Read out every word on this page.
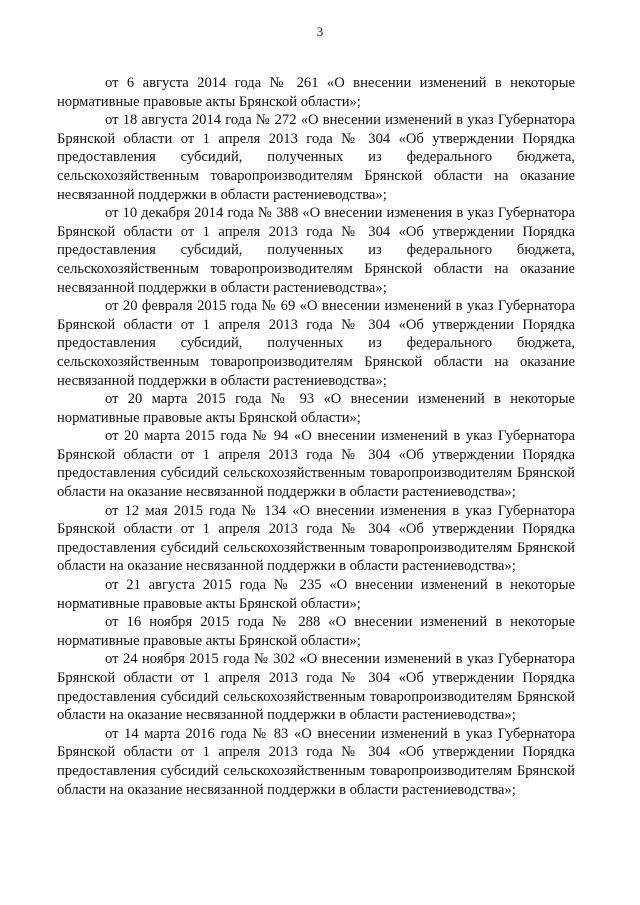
3

от 6 августа 2014 года № 261 «О внесении изменений в некоторые нормативные правовые акты Брянской области»;

от 18 августа 2014 года № 272 «О внесении изменений в указ Губернатора Брянской области от 1 апреля 2013 года № 304 «Об утверждении Порядка предоставления субсидий, полученных из федерального бюджета, сельскохозяйственным товаропроизводителям Брянской области на оказание несвязанной поддержки в области растениеводства»;

от 10 декабря 2014 года № 388 «О внесении изменения в указ Губернатора Брянской области от 1 апреля 2013 года № 304 «Об утверждении Порядка предоставления субсидий, полученных из федерального бюджета, сельскохозяйственным товаропроизводителям Брянской области на оказание несвязанной поддержки в области растениеводства»;

от 20 февраля 2015 года № 69 «О внесении изменений в указ Губернатора Брянской области от 1 апреля 2013 года № 304 «Об утверждении Порядка предоставления субсидий, полученных из федерального бюджета, сельскохозяйственным товаропроизводителям Брянской области на оказание несвязанной поддержки в области растениеводства»;

от 20 марта 2015 года № 93 «О внесении изменений в некоторые нормативные правовые акты Брянской области»;

от 20 марта 2015 года № 94 «О внесении изменений в указ Губернатора Брянской области от 1 апреля 2013 года № 304 «Об утверждении Порядка предоставления субсидий сельскохозяйственным товаропроизводителям Брянской области на оказание несвязанной поддержки в области растениеводства»;

от 12 мая 2015 года № 134 «О внесении изменения в указ Губернатора Брянской области от 1 апреля 2013 года № 304 «Об утверждении Порядка предоставления субсидий сельскохозяйственным товаропроизводителям Брянской области на оказание несвязанной поддержки в области растениеводства»;

от 21 августа 2015 года № 235 «О внесении изменений в некоторые нормативные правовые акты Брянской области»;

от 16 ноября 2015 года № 288 «О внесении изменений в некоторые нормативные правовые акты Брянской области»;

от 24 ноября 2015 года № 302 «О внесении изменений в указ Губернатора Брянской области от 1 апреля 2013 года № 304 «Об утверждении Порядка предоставления субсидий сельскохозяйственным товаропроизводителям Брянской области на оказание несвязанной поддержки в области растениеводства»;

от 14 марта 2016 года № 83 «О внесении изменений в указ Губернатора Брянской области от 1 апреля 2013 года № 304 «Об утверждении Порядка предоставления субсидий сельскохозяйственным товаропроизводителям Брянской области на оказание несвязанной поддержки в области растениеводства»;
